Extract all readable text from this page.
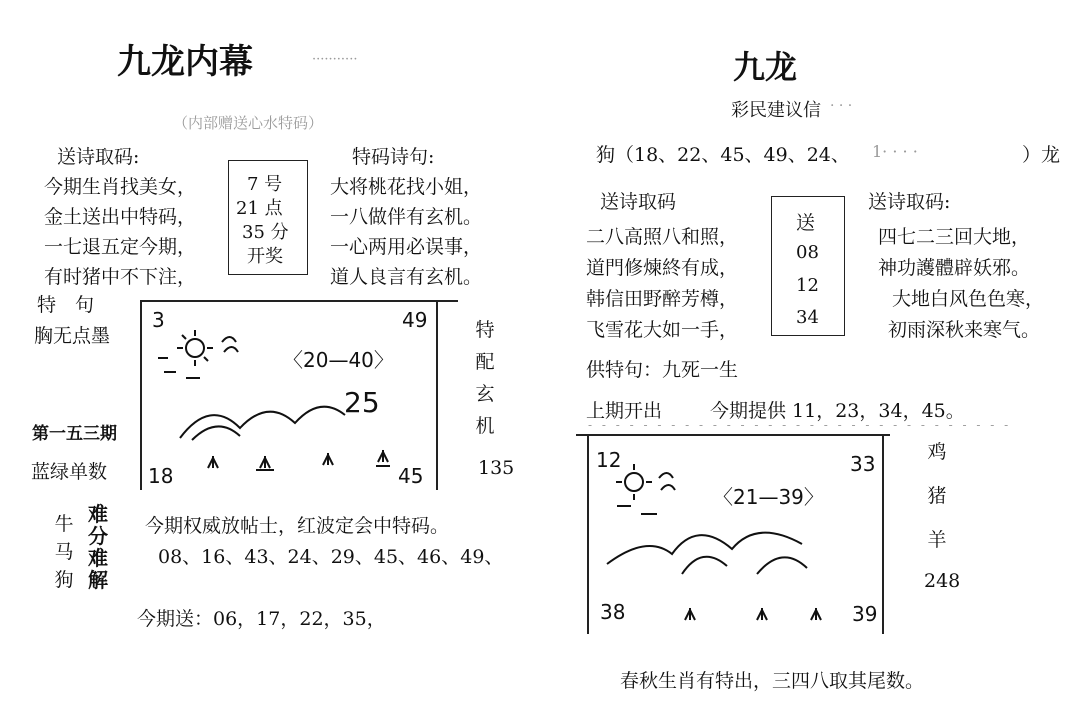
九龙内幕	···········
（内部赠送心水特码）
送诗取码:	特码诗句:
今期生肖找美女，
金土送出中特码，
一七退五定今期，
有时猪中不下注，
7 号
21 点
35 分
开奖
大将桃花找小姐，
一八做伴有玄机。
一心两用必误事，
道人良言有玄机。
特　句
胸无点墨
第一五三期
蓝绿单数
3	49
〈20—40〉
25
18	45
特
配
玄
机
135
牛
马
狗
难
分
难
解
今期权威放帖士，红波定会中特码。
08、16、43、24、29、45、46、49、
今期送：06，17，22，35，
九龙
彩民建议信 · · ·
狗（18、22、45、49、24、 1· · · ·	）龙
送诗取码	送诗取码:
二八高照八和照，
道門修煉終有成，
韩信田野醉芳樽，
飞雪花大如一手，
送
08
12
34
四七二三回大地，
神功護體辟妖邪。
大地白风色色寒，
初雨深秋来寒气。
供特句：九死一生
上期开出	今期提供 11，23，34，45。
- - - - - - - - - - - - - - - - - - - - - - - - - - - - - - -
12	33
〈21—39〉
38	39
鸡
猪
羊
248
春秋生肖有特出，三四八取其尾数。
